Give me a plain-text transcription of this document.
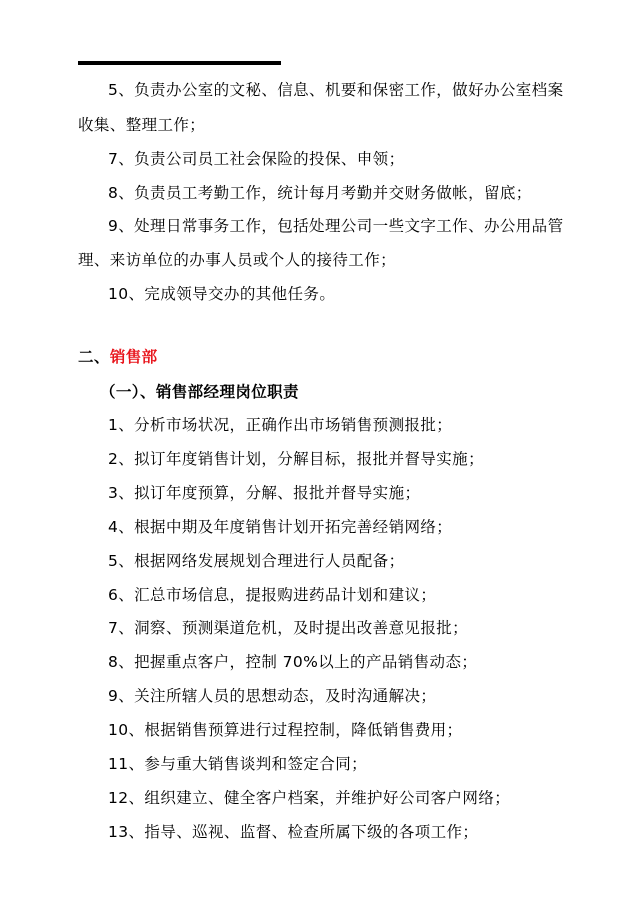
5、负责办公室的文秘、信息、机要和保密工作，做好办公室档案
收集、整理工作；
7、负责公司员工社会保险的投保、申领；
8、负责员工考勤工作，统计每月考勤并交财务做帐，留底；
9、处理日常事务工作，包括处理公司一些文字工作、办公用品管
理、来访单位的办事人员或个人的接待工作；
10、完成领导交办的其他任务。
二、销售部
（一）、销售部经理岗位职责
1、分析市场状况，正确作出市场销售预测报批；
2、拟订年度销售计划，分解目标，报批并督导实施；
3、拟订年度预算，分解、报批并督导实施；
4、根据中期及年度销售计划开拓完善经销网络；
5、根据网络发展规划合理进行人员配备；
6、汇总市场信息，提报购进药品计划和建议；
7、洞察、预测渠道危机，及时提出改善意见报批；
8、把握重点客户，控制 70%以上的产品销售动态；
9、关注所辖人员的思想动态，及时沟通解决；
10、根据销售预算进行过程控制，降低销售费用；
11、参与重大销售谈判和签定合同；
12、组织建立、健全客户档案，并维护好公司客户网络；
13、指导、巡视、监督、检查所属下级的各项工作；
